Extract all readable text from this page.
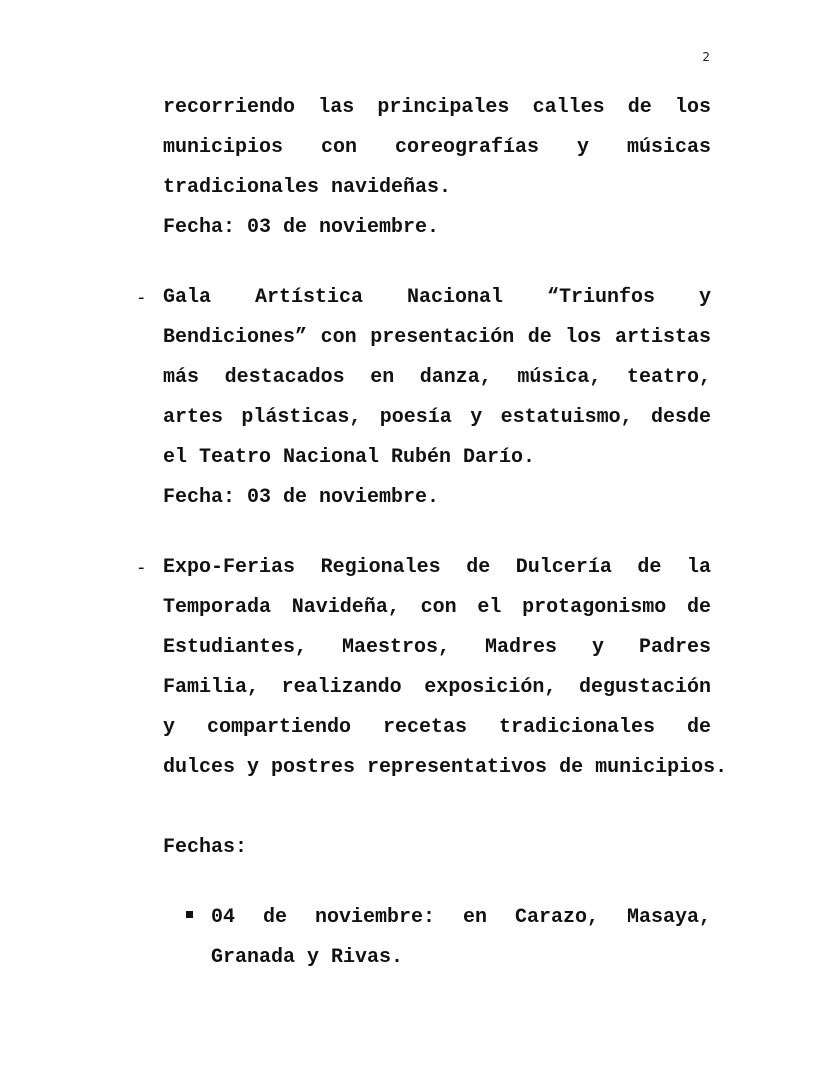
2
recorriendo las principales calles de los
municipios con coreografías y músicas
tradicionales navideñas.
Fecha: 03 de noviembre.
- Gala Artística Nacional “Triunfos y
Bendiciones” con presentación de los artistas
más destacados en danza, música, teatro,
artes plásticas, poesía y estatuismo, desde
el Teatro Nacional Rubén Darío.
Fecha: 03 de noviembre.
- Expo-Ferias Regionales de Dulcería de la
Temporada Navideña, con el protagonismo de
Estudiantes, Maestros, Madres y Padres
Familia, realizando exposición, degustación
y compartiendo recetas tradicionales de
dulces y postres representativos de municipios.
Fechas:
04 de noviembre: en Carazo, Masaya,
Granada y Rivas.
